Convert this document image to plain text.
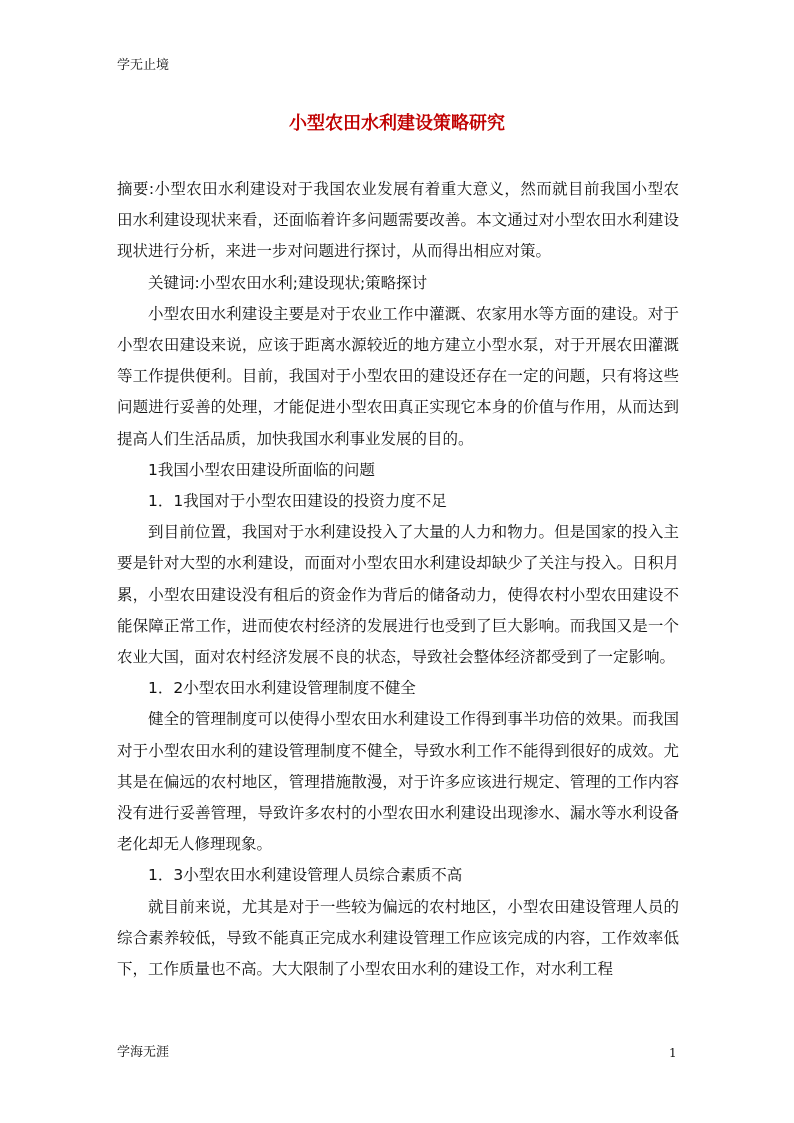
学无止境
小型农田水利建设策略研究

摘要:小型农田水利建设对于我国农业发展有着重大意义，然而就目前我国小型农田水利建设现状来看，还面临着许多问题需要改善。本文通过对小型农田水利建设现状进行分析，来进一步对问题进行探讨，从而得出相应对策。

关键词:小型农田水利;建设现状;策略探讨

小型农田水利建设主要是对于农业工作中灌溉、农家用水等方面的建设。对于小型农田建设来说，应该于距离水源较近的地方建立小型水泵，对于开展农田灌溉等工作提供便利。目前，我国对于小型农田的建设还存在一定的问题，只有将这些问题进行妥善的处理，才能促进小型农田真正实现它本身的价值与作用，从而达到提高人们生活品质，加快我国水利事业发展的目的。

1我国小型农田建设所面临的问题

1．1我国对于小型农田建设的投资力度不足

到目前位置，我国对于水利建设投入了大量的人力和物力。但是国家的投入主要是针对大型的水利建设，而面对小型农田水利建设却缺少了关注与投入。日积月累，小型农田建设没有租后的资金作为背后的储备动力，使得农村小型农田建设不能保障正常工作，进而使农村经济的发展进行也受到了巨大影响。而我国又是一个农业大国，面对农村经济发展不良的状态，导致社会整体经济都受到了一定影响。

1．2小型农田水利建设管理制度不健全

健全的管理制度可以使得小型农田水利建设工作得到事半功倍的效果。而我国对于小型农田水利的建设管理制度不健全，导致水利工作不能得到很好的成效。尤其是在偏远的农村地区，管理措施散漫，对于许多应该进行规定、管理的工作内容没有进行妥善管理，导致许多农村的小型农田水利建设出现渗水、漏水等水利设备老化却无人修理现象。

1．3小型农田水利建设管理人员综合素质不高

就目前来说，尤其是对于一些较为偏远的农村地区，小型农田建设管理人员的综合素养较低，导致不能真正完成水利建设管理工作应该完成的内容，工作效率低下，工作质量也不高。大大限制了小型农田水利的建设工作，对水利工程

学海无涯	1
